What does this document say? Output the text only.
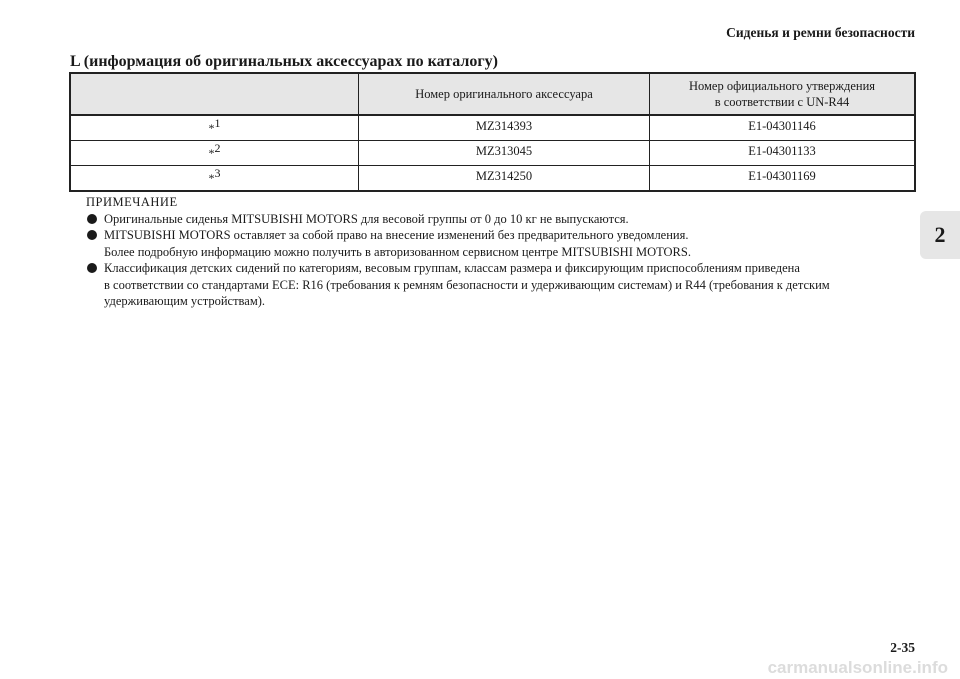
Сиденья и ремни безопасности
L (информация об оригинальных аксессуарах по каталогу)
	Номер оригинального аксессуара	Номер официального утверждения
в соответствии с UN-R44

*$^1$	MZ314393	E1-04301146
*$^2$	MZ313045	E1-04301133
*$^3$	MZ314250	E1-04301169
ПРИМЕЧАНИЕ
Оригинальные сиденья MITSUBISHI MOTORS для весовой группы от 0 до 10 кг не выпускаются.
MITSUBISHI MOTORS оставляет за собой право на внесение изменений без предварительного уведомления.
Более подробную информацию можно получить в авторизованном сервисном центре MITSUBISHI MOTORS.
Классификация детских сидений по категориям, весовым группам, классам размера и фиксирующим приспособлениям приведена
в соответствии со стандартами ECE: R16 (требования к ремням безопасности и удерживающим системам) и R44 (требования к детским
удерживающим устройствам).
2
2-35
carmanualsonline.info
